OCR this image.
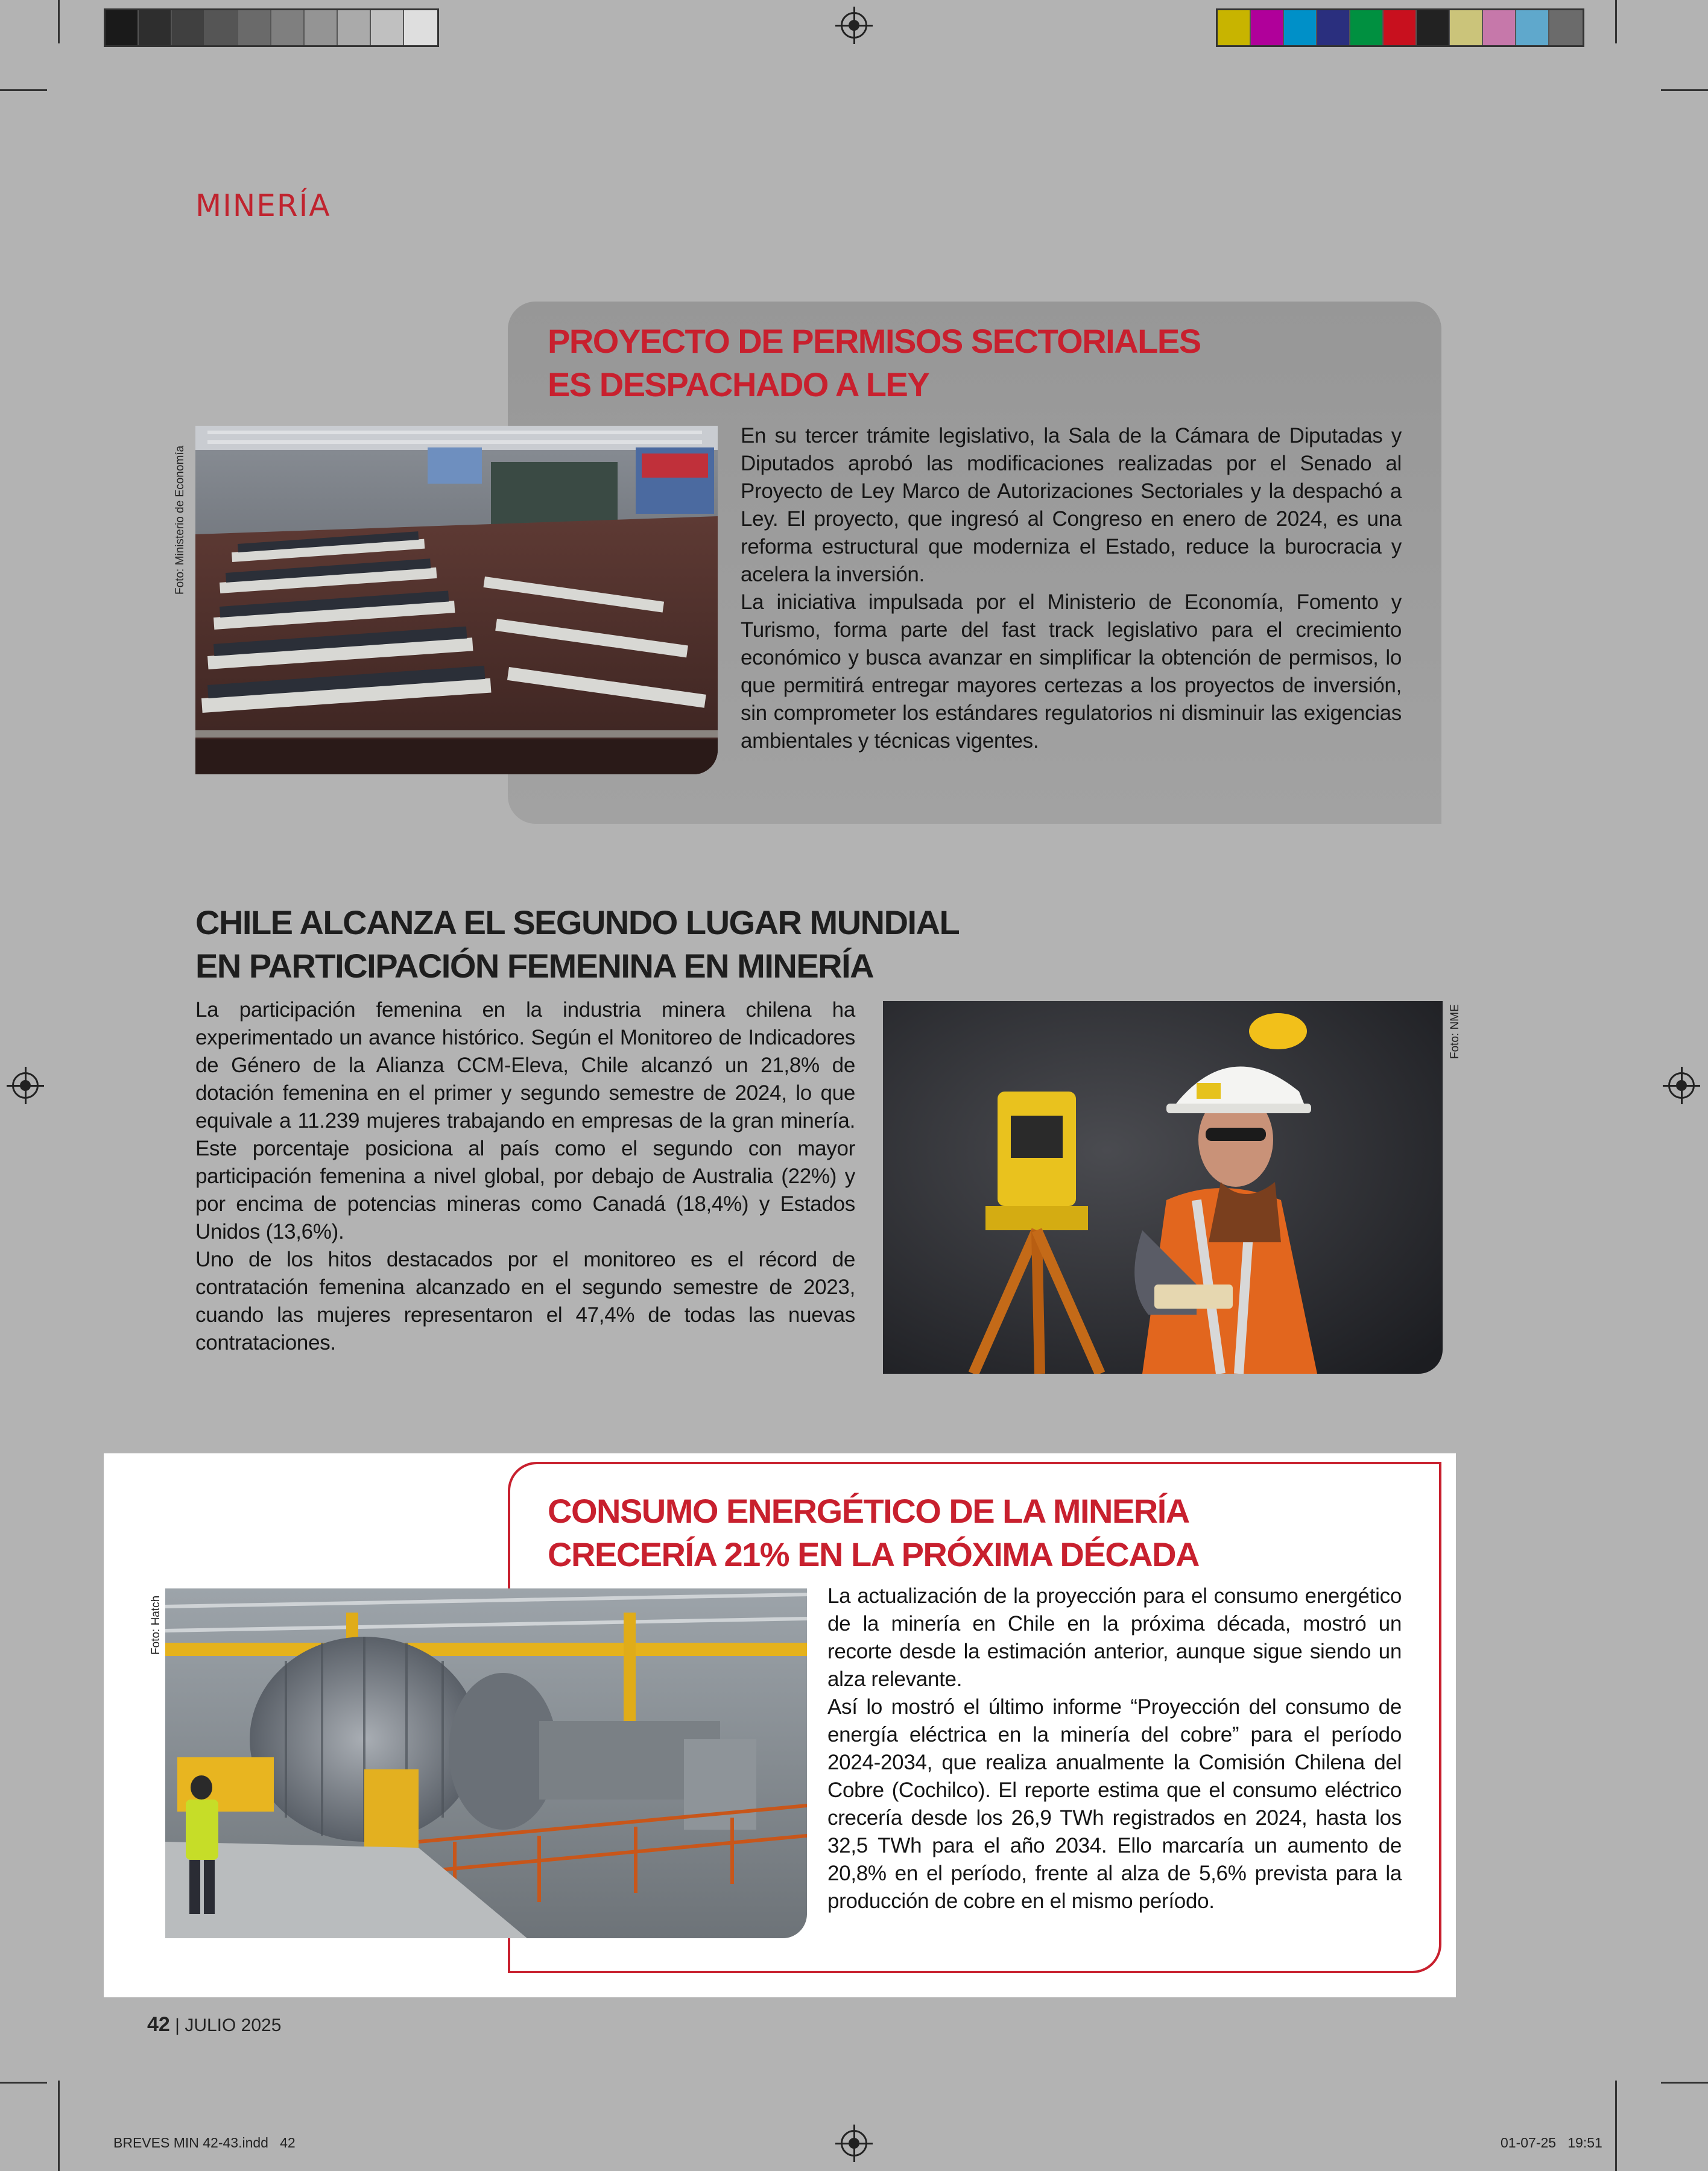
MINERÍA
PROYECTO DE PERMISOS SECTORIALES
ES DESPACHADO A LEY
Foto: Ministerio de Economía

En su tercer trámite legislativo, la Sala de la Cámara de Diputadas y Diputados aprobó las modificaciones realizadas por el Senado al Proyecto de Ley Marco de Autorizaciones Sectoriales y la despachó a Ley. El proyecto, que ingresó al Congreso en enero de 2024, es una reforma estructural que moderniza el Estado, reduce la burocracia y acelera la inversión.

La iniciativa impulsada por el Ministerio de Economía, Fomento y Turismo, forma parte del fast track legislativo para el crecimiento económico y busca avanzar en simplificar la obtención de permisos, lo que permitirá entregar mayores certezas a los proyectos de inversión, sin comprometer los estándares regulatorios ni disminuir las exigencias ambientales y técnicas vigentes.

CHILE ALCANZA EL SEGUNDO LUGAR MUNDIAL
EN PARTICIPACIÓN FEMENINA EN MINERÍA

La participación femenina en la industria minera chilena ha experimentado un avance histórico. Según el Monitoreo de Indicadores de Género de la Alianza CCM-Eleva, Chile alcanzó un 21,8% de dotación femenina en el primer y segundo semestre de 2024, lo que equivale a 11.239 mujeres trabajando en empresas de la gran minería. Este porcentaje posiciona al país como el segundo con mayor participación femenina a nivel global, por debajo de Australia (22%) y por encima de potencias mineras como Canadá (18,4%) y Estados Unidos (13,6%).

Uno de los hitos destacados por el monitoreo es el récord de contratación femenina alcanzado en el segundo semestre de 2023, cuando las mujeres representaron el 47,4% de todas las nuevas contrataciones.

Foto: NME
CONSUMO ENERGÉTICO DE LA MINERÍA
CRECERÍA 21% EN LA PRÓXIMA DÉCADA
Foto: Hatch	La actualización de la proyección para el consumo energético de la minería en Chile en la próxima década, mostró un recorte desde la estimación anterior, aunque sigue siendo un alza relevante.

Así lo mostró el último informe “Proyección del consumo de energía eléctrica en la minería del cobre” para el período 2024-2034, que realiza anualmente la Comisión Chilena del Cobre (Cochilco). El reporte estima que el consumo eléctrico crecería desde los 26,9 TWh registrados en 2024, hasta los 32,5 TWh para el año 2034. Ello marcaría un aumento de 20,8% en el período, frente al alza de 5,6% prevista para la producción de cobre en el mismo período.

42 | JULIO 2025
BREVES MIN 42-43.indd   42	01-07-25   19:51
